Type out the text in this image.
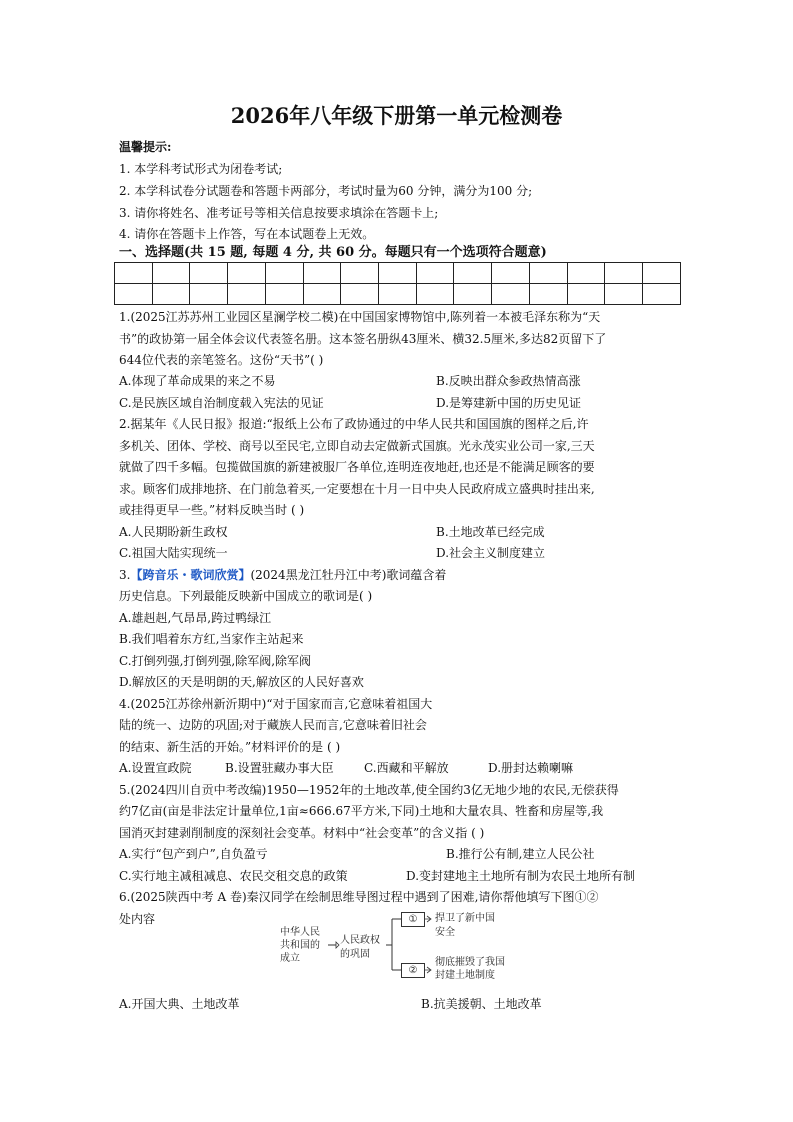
2026年八年级下册第一单元检测卷
温馨提示:
1. 本学科考试形式为闭卷考试;
2. 本学科试卷分试题卷和答题卡两部分，考试时量为60 分钟，满分为100 分;
3. 请你将姓名、准考证号等相关信息按要求填涂在答题卡上;
4. 请你在答题卡上作答，写在本试题卷上无效。
一、选择题(共 15 题, 每题 4 分, 共 60 分。每题只有一个选项符合题意)

1.(2025江苏苏州工业园区星澜学校二模)在中国国家博物馆中,陈列着一本被毛泽东称为“天
书”的政协第一届全体会议代表签名册。这本签名册纵43厘米、横32.5厘米,多达82页留下了
644位代表的亲笔签名。这份“天书”( )
A.体现了革命成果的来之不易	B.反映出群众参政热情高涨
C.是民族区域自治制度载入宪法的见证	D.是筹建新中国的历史见证
2.据某年《人民日报》报道:“报纸上公布了政协通过的中华人民共和国国旗的图样之后,许
多机关、团体、学校、商号以至民宅,立即自动去定做新式国旗。光永茂实业公司一家,三天
就做了四千多幅。包揽做国旗的新建被服厂各单位,连明连夜地赶,也还是不能满足顾客的要
求。顾客们成排地挤、在门前急着买,一定要想在十月一日中央人民政府成立盛典时挂出来,
或挂得更早一些。”材料反映当时 ( )
A.人民期盼新生政权	B.土地改革已经完成
C.祖国大陆实现统一	D.社会主义制度建立
3.【跨音乐・歌词欣赏】(2024黑龙江牡丹江中考)歌词蕴含着
历史信息。下列最能反映新中国成立的歌词是( )
A.雄赳赳,气昂昂,跨过鸭绿江
B.我们唱着东方红,当家作主站起来
C.打倒列强,打倒列强,除军阀,除军阀
D.解放区的天是明朗的天,解放区的人民好喜欢
4.(2025江苏徐州新沂期中)“对于国家而言,它意味着祖国大
陆的统一、边防的巩固;对于藏族人民而言,它意味着旧社会
的结束、新生活的开始。”材料评价的是 ( )
A.设置宣政院	B.设置驻藏办事大臣	C.西藏和平解放	D.册封达赖喇嘛
5.(2024四川自贡中考改编)1950—1952年的土地改革,使全国约3亿无地少地的农民,无偿获得
约7亿亩(亩是非法定计量单位,1亩≈666.67平方米,下同)土地和大量农具、牲畜和房屋等,我
国消灭封建剥削制度的深刻社会变革。材料中“社会变革”的含义指 ( )
A.实行“包产到户”,自负盈亏	B.推行公有制,建立人民公社
C.实行地主减租减息、农民交租交息的政策	D.变封建地主土地所有制为农民土地所有制
6.(2025陕西中考 A 卷)秦汉同学在绘制思维导图过程中遇到了困难,请你帮他填写下图①②
处内容
中华人民
共和国的
成立
人民政权
的巩固
①
②
捍卫了新中国
安全
彻底摧毁了我国
封建土地制度
A.开国大典、土地改革	B.抗美援朝、土地改革
